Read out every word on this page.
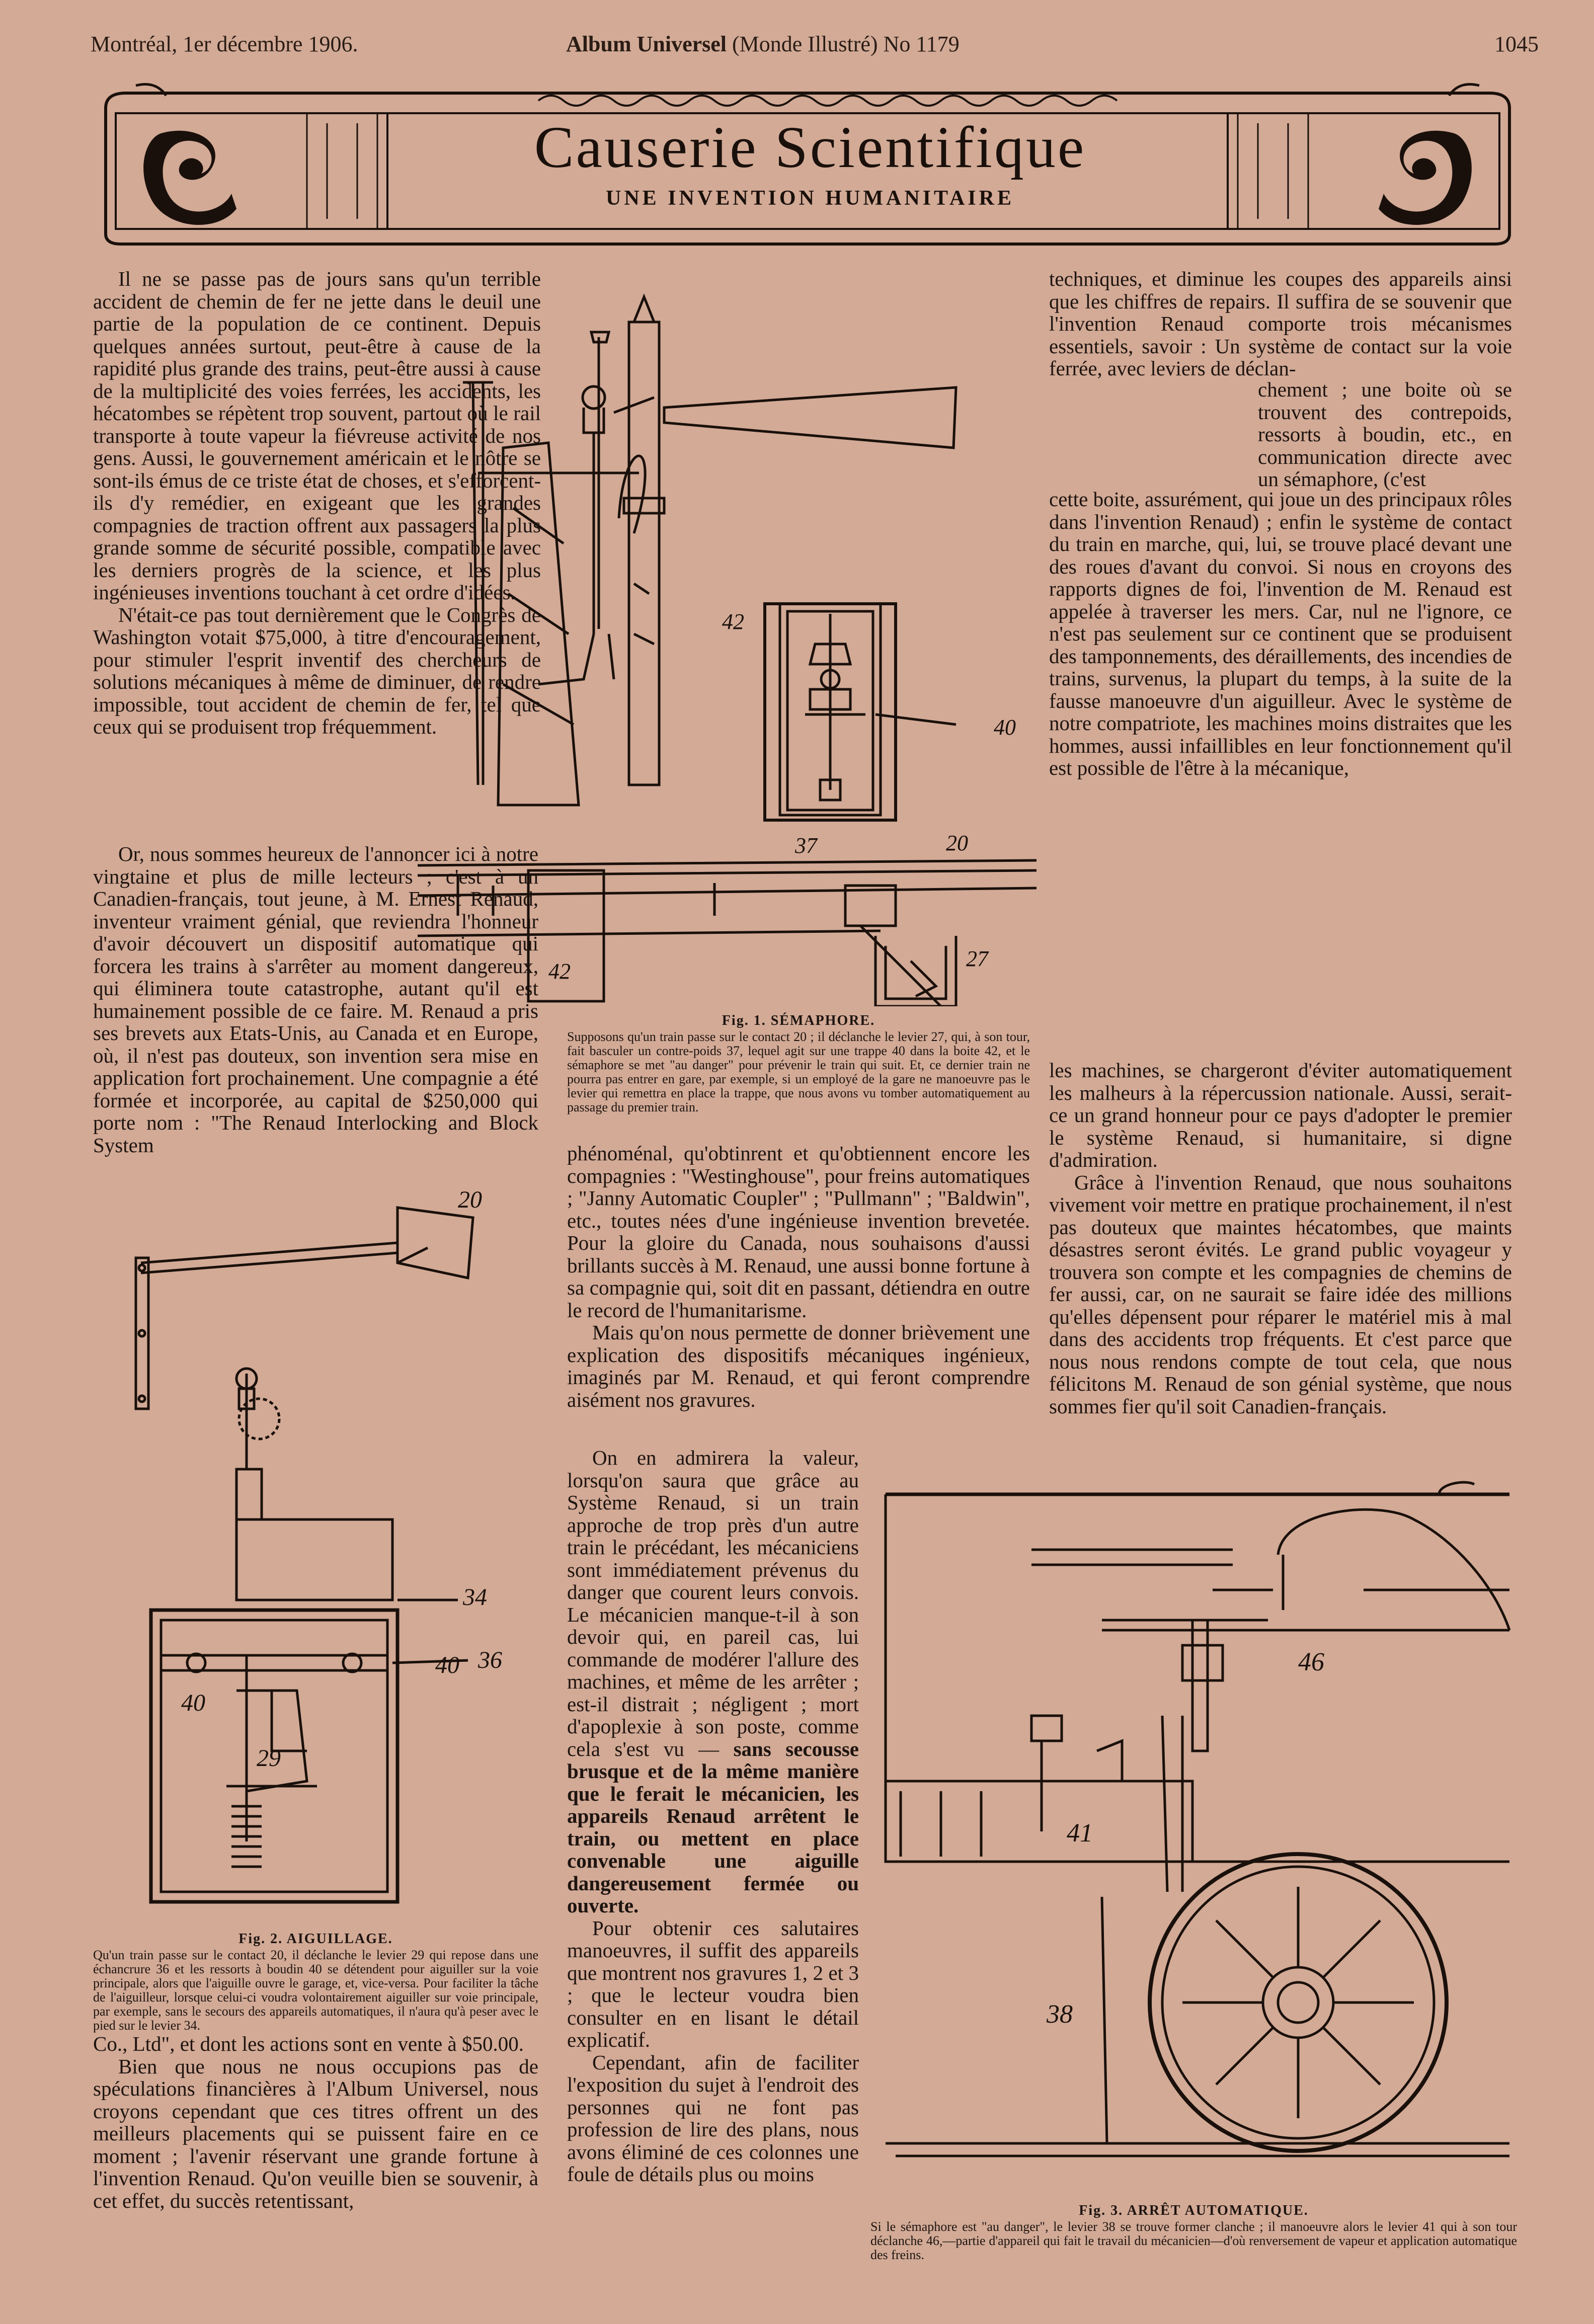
Montréal, 1er décembre 1906.	Album Universel (Monde Illustré) No 1179	1045
Causerie Scientifique
UNE INVENTION HUMANITAIRE

Il ne se passe pas de jours sans qu'un terrible accident de chemin de fer ne jette dans le deuil une partie de la population de ce continent. Depuis quelques années surtout, peut-être à cause de la rapidité plus grande des trains, peut-être aussi à cause de la multiplicité des voies ferrées, les accidents, les hécatombes se répètent trop souvent, partout où le rail transporte à toute vapeur la fiévreuse activité de nos gens. Aussi, le gouvernement américain et le nôtre se sont-ils émus de ce triste état de choses, et s'efforcent-ils d'y remédier, en exigeant que les grandes compagnies de traction offrent aux passagers la plus grande somme de sécurité possible, compatible avec les derniers progrès de la science, et les plus ingénieuses inventions touchant à cet ordre d'idées.

N'était-ce pas tout dernièrement que le Congrès de Washington votait $75,000, à titre d'encouragement, pour stimuler l'esprit inventif des chercheurs de solutions mécaniques à même de diminuer, de rendre impossible, tout accident de chemin de fer, tel que ceux qui se produisent trop fréquemment.

Or, nous sommes heureux de l'annoncer ici à notre vingtaine et plus de mille lecteurs ; c'est à un Canadien-français, tout jeune, à M. Ernest Renaud, inventeur vraiment génial, que reviendra l'honneur d'avoir découvert un dispositif automatique qui forcera les trains à s'arrêter au moment dangereux, qui éliminera toute catastrophe, autant qu'il est humainement possible de ce faire. M. Renaud a pris ses brevets aux Etats-Unis, au Canada et en Europe, où, il n'est pas douteux, son invention sera mise en application fort prochainement. Une compagnie a été formée et incorporée, au capital de $250,000 qui porte nom : "The Renaud Interlocking and Block System

Co., Ltd", et dont les actions sont en vente à $50.00.

Bien que nous ne nous occupions pas de spéculations financières à l'Album Universel, nous croyons cependant que ces titres offrent un des meilleurs placements qui se puissent faire en ce moment ; l'avenir réservant une grande fortune à l'invention Renaud. Qu'on veuille bien se souvenir, à cet effet, du succès retentissant,

phénoménal, qu'obtinrent et qu'obtiennent encore les compagnies : "Westinghouse", pour freins automatiques ; "Janny Automatic Coupler" ; "Pullmann" ; "Baldwin", etc., toutes nées d'une ingénieuse invention brevetée. Pour la gloire du Canada, nous souhaisons d'aussi brillants succès à M. Renaud, une aussi bonne fortune à sa compagnie qui, soit dit en passant, détiendra en outre le record de l'humanitarisme.

Mais qu'on nous permette de donner brièvement une explication des dispositifs mécaniques ingénieux, imaginés par M. Renaud, et qui feront comprendre aisément nos gravures.

On en admirera la valeur, lorsqu'on saura que grâce au Système Renaud, si un train approche de trop près d'un autre train le précédant, les mécaniciens sont immédiatement prévenus du danger que courent leurs convois. Le mécanicien manque-t-il à son devoir qui, en pareil cas, lui commande de modérer l'allure des machines, et même de les arrêter ; est-il distrait ; négligent ; mort d'apoplexie à son poste, comme cela s'est vu — sans secousse brusque et de la même manière que le ferait le mécanicien, les appareils Renaud arrêtent le train, ou mettent en place convenable une aiguille dangereusement fermée ou ouverte.

Pour obtenir ces salutaires manoeuvres, il suffit des appareils que montrent nos gravures 1, 2 et 3 ; que le lecteur voudra bien consulter en en lisant le détail explicatif.

Cependant, afin de faciliter l'exposition du sujet à l'endroit des personnes qui ne font pas profession de lire des plans, nous avons éliminé de ces colonnes une foule de détails plus ou moins

techniques, et diminue les coupes des appareils ainsi que les chiffres de repairs. Il suffira de se souvenir que l'invention Renaud comporte trois mécanismes essentiels, savoir : Un système de contact sur la voie ferrée, avec leviers de déclan-

chement ; une boite où se trouvent des contrepoids, ressorts à boudin, etc., en communication directe avec un sémaphore, (c'est

cette boite, assurément, qui joue un des principaux rôles dans l'invention Renaud) ; enfin le système de contact du train en marche, qui, lui, se trouve placé devant une des roues d'avant du convoi. Si nous en croyons des rapports dignes de foi, l'invention de M. Renaud est appelée à traverser les mers. Car, nul ne l'ignore, ce n'est pas seulement sur ce continent que se produisent des tamponnements, des déraillements, des incendies de trains, survenus, la plupart du temps, à la suite de la fausse manoeuvre d'un aiguilleur. Avec le système de notre compatriote, les machines moins distraites que les hommes, aussi infaillibles en leur fonctionnement qu'il est possible de l'être à la mécanique,

les machines, se chargeront d'éviter automatiquement les malheurs à la répercussion nationale. Aussi, serait-ce un grand honneur pour ce pays d'adopter le premier le système Renaud, si humanitaire, si digne d'admiration.

Grâce à l'invention Renaud, que nous souhaitons vivement voir mettre en pratique prochainement, il n'est pas douteux que maintes hécatombes, que maints désastres seront évités. Le grand public voyageur y trouvera son compte et les compagnies de chemins de fer aussi, car, on ne saurait se faire idée des millions qu'elles dépensent pour réparer le matériel mis à mal dans des accidents trop fréquents. Et c'est parce que nous nous rendons compte de tout cela, que nous félicitons M. Renaud de son génial système, que nous sommes fier qu'il soit Canadien-français.

42
40
37	20
42
27
Fig. 1. SÉMAPHORE.
Supposons qu'un train passe sur le contact 20 ; il déclanche le levier 27, qui, à son tour, fait basculer un contre-poids 37, lequel agit sur une trappe 40 dans la boite 42, et le sémaphore se met "au danger" pour prévenir le train qui suit. Et, ce dernier train ne pourra pas entrer en gare, par exemple, si un employé de la gare ne manoeuvre pas le levier qui remettra en place la trappe, que nous avons vu tomber automatiquement au passage du premier train.
20
34
36
40
40
29
Fig. 2. AIGUILLAGE.
Qu'un train passe sur le contact 20, il déclanche le levier 29 qui repose dans une échancrure 36 et les ressorts à boudin 40 se détendent pour aiguiller sur la voie principale, alors que l'aiguille ouvre le garage, et, vice-versa. Pour faciliter la tâche de l'aiguilleur, lorsque celui-ci voudra volontairement aiguiller sur voie principale, par exemple, sans le secours des appareils automatiques, il n'aura qu'à peser avec le pied sur le levier 34.
46
41
38
Fig. 3. ARRÊT AUTOMATIQUE.
Si le sémaphore est "au danger", le levier 38 se trouve former clanche ; il manoeuvre alors le levier 41 qui à son tour déclanche 46,—partie d'appareil qui fait le travail du mécanicien—d'où renversement de vapeur et application automatique des freins.
